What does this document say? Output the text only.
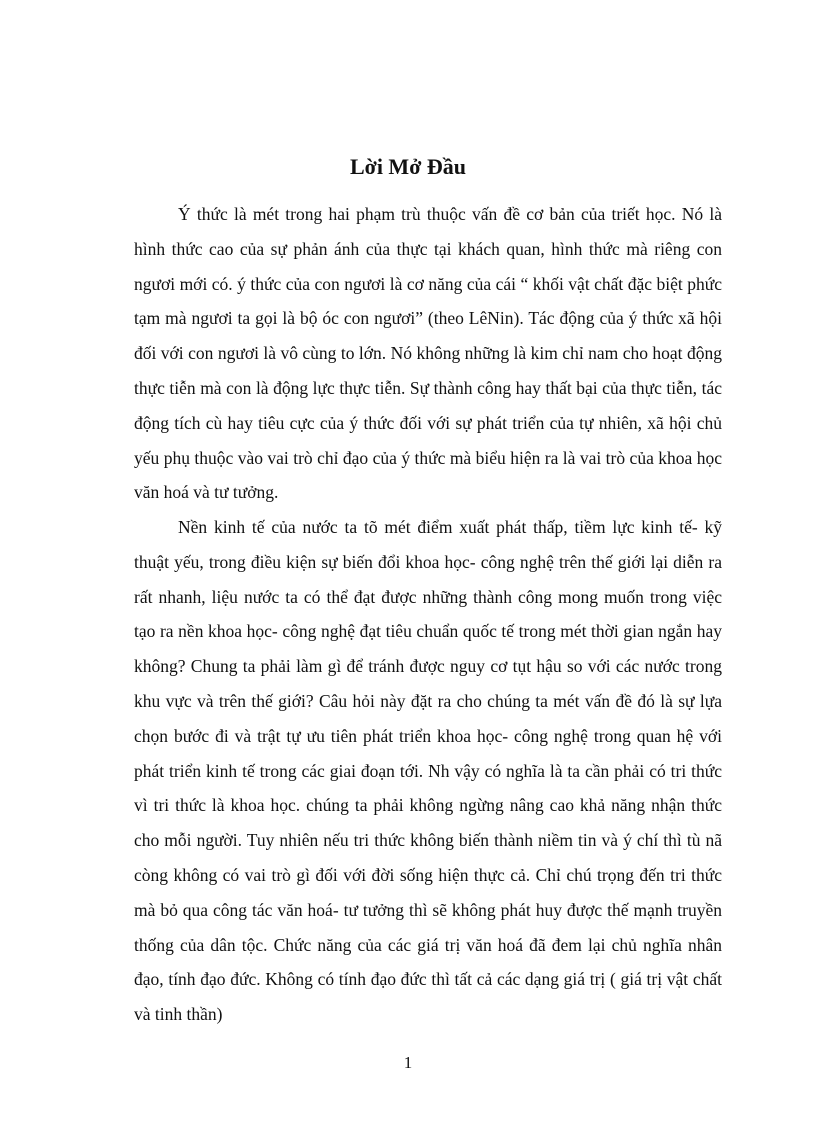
Lời Mở Đầu

Ý thức là mét trong hai phạm trù thuộc vấn đề cơ bản của triết học. Nó là hình thức cao của sự phản ánh của thực tại khách quan, hình thức mà riêng con ngươi mới có. ý thức của con ngươi là cơ năng của cái “ khối vật chất đặc biệt phức tạm mà ngươi ta gọi là bộ óc con ngươi” (theo LêNin). Tác động của ý thức xã hội đối với con ngươi là vô cùng to lớn. Nó không những là kim chỉ nam cho hoạt động thực tiễn mà con là động lực thực tiễn. Sự thành công hay thất bại của thực tiễn, tác động tích cù hay tiêu cực của ý thức đối với sự phát triển của tự nhiên, xã hội chủ yếu phụ thuộc vào vai trò chỉ đạo của ý thức mà biểu hiện ra là vai trò của khoa học văn hoá và tư tưởng.

Nền kinh tế của nước ta tõ mét điểm xuất phát thấp, tiềm lực kinh tế- kỹ thuật yếu, trong điều kiện sự biến đổi khoa học- công nghệ trên thế giới lại diễn ra rất nhanh, liệu nước ta có thể đạt được những thành công mong muốn trong việc tạo ra nền khoa học- công nghệ đạt tiêu chuẩn quốc tế trong mét thời gian ngắn hay không? Chung ta phải làm gì để tránh được nguy cơ tụt hậu so với các nước trong khu vực và trên thế giới? Câu hỏi này đặt ra cho chúng ta mét vấn đề đó là sự lựa chọn bước đi và trật tự ưu tiên phát triển khoa học- công nghệ trong quan hệ với phát triển kinh tế trong các giai đoạn tới. Nh vậy có nghĩa là ta cần phải có tri thức vì tri thức là khoa học. chúng ta phải không ngừng nâng cao khả năng nhận thức cho mỗi người. Tuy nhiên nếu tri thức không biến thành niềm tin và ý chí thì tù nã còng không có vai trò gì đối với đời sống hiện thực cả. Chỉ chú trọng đến tri thức mà bỏ qua công tác văn hoá- tư tưởng thì sẽ không phát huy được thế mạnh truyền thống của dân tộc. Chức năng của các giá trị văn hoá đã đem lại chủ nghĩa nhân đạo, tính đạo đức. Không có tính đạo đức thì tất cả các dạng giá trị ( giá trị vật chất và tinh thần)

1
